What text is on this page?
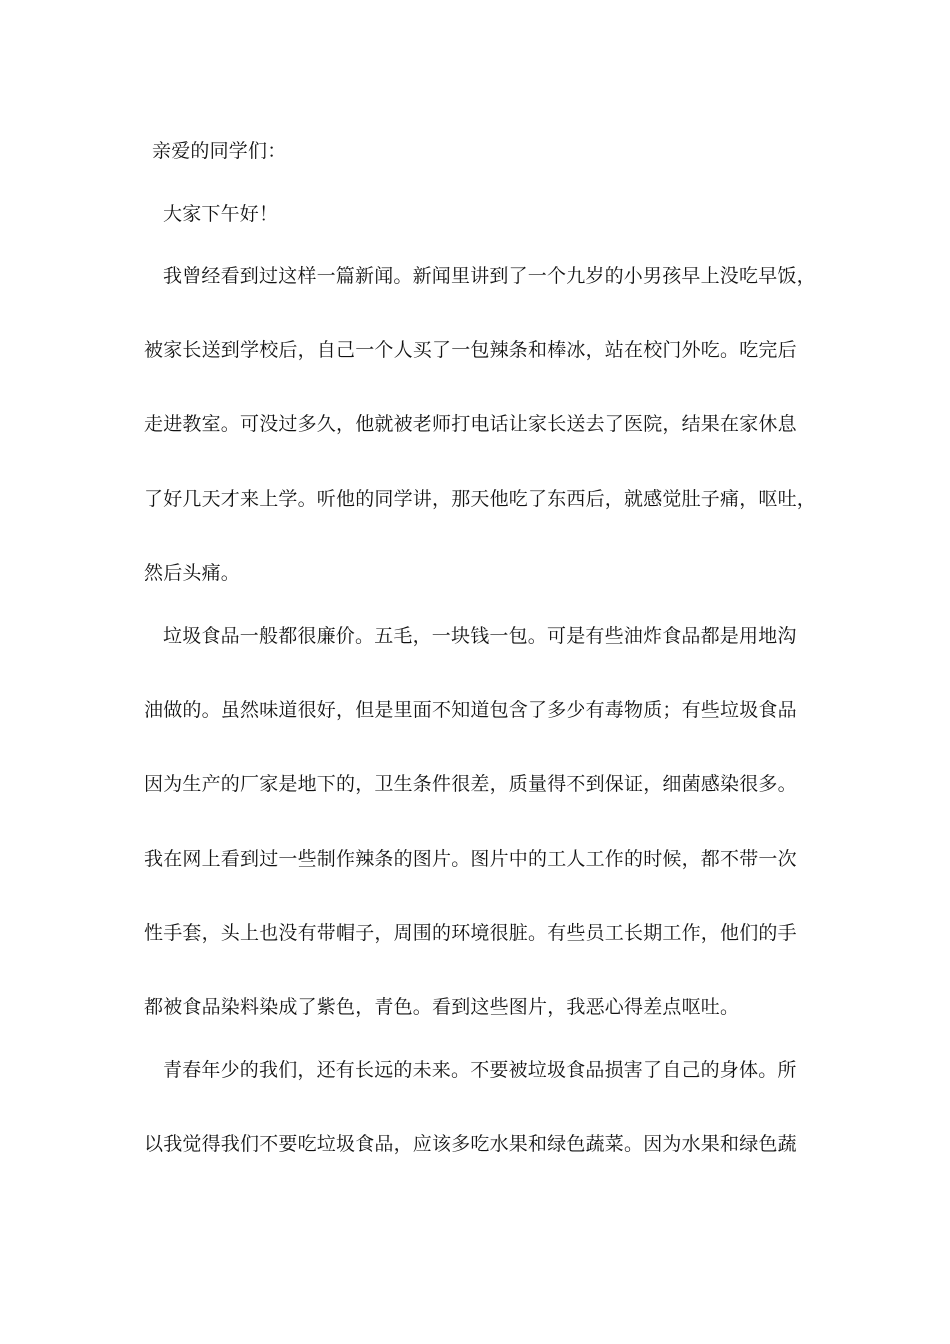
亲爱的同学们：
大家下午好！
我曾经看到过这样一篇新闻。新闻里讲到了一个九岁的小男孩早上没吃早饭，
被家长送到学校后，自己一个人买了一包辣条和棒冰，站在校门外吃。吃完后
走进教室。可没过多久，他就被老师打电话让家长送去了医院，结果在家休息
了好几天才来上学。听他的同学讲，那天他吃了东西后，就感觉肚子痛，呕吐，
然后头痛。
垃圾食品一般都很廉价。五毛，一块钱一包。可是有些油炸食品都是用地沟
油做的。虽然味道很好，但是里面不知道包含了多少有毒物质；有些垃圾食品
因为生产的厂家是地下的，卫生条件很差，质量得不到保证，细菌感染很多。
我在网上看到过一些制作辣条的图片。图片中的工人工作的时候，都不带一次
性手套，头上也没有带帽子，周围的环境很脏。有些员工长期工作，他们的手
都被食品染料染成了紫色，青色。看到这些图片，我恶心得差点呕吐。
青春年少的我们，还有长远的未来。不要被垃圾食品损害了自己的身体。所
以我觉得我们不要吃垃圾食品，应该多吃水果和绿色蔬菜。因为水果和绿色蔬
